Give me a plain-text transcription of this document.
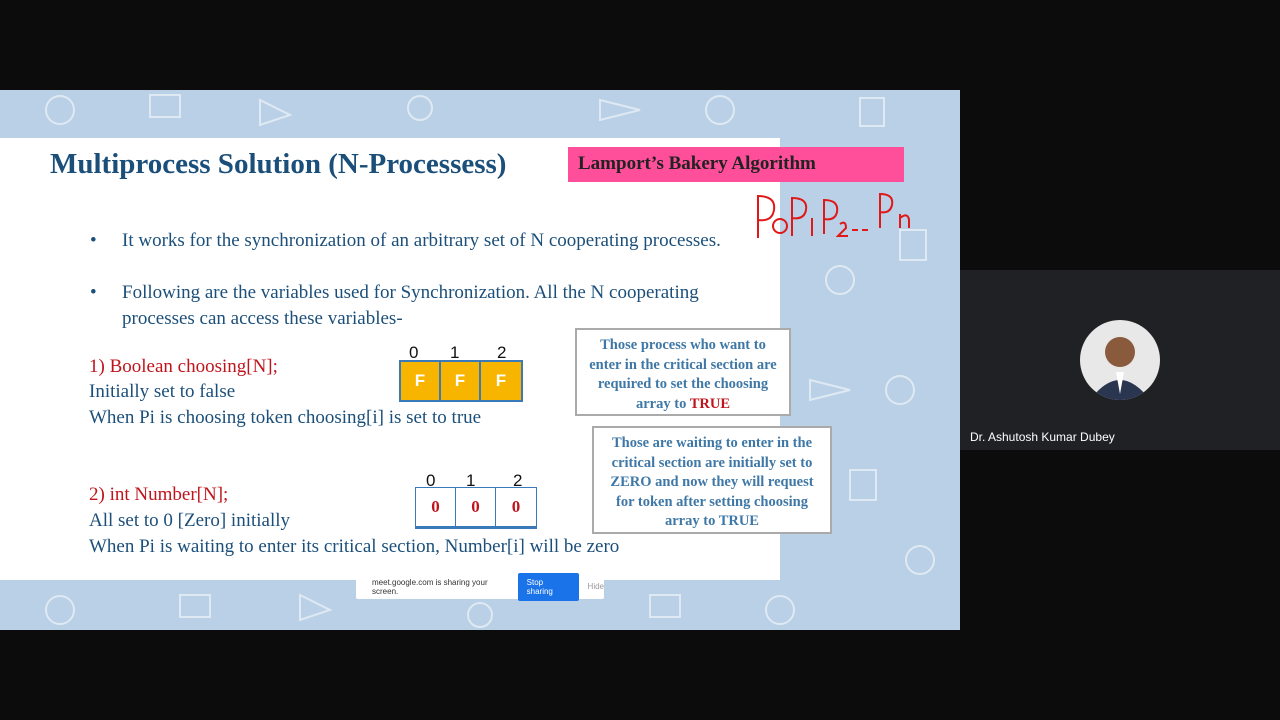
Multiprocess Solution (N-Processess)	Lamport’s Bakery Algorithm
• It works for the synchronization of an arbitrary set of N cooperating processes.
• Following are the variables used for Synchronization. All the N cooperating processes can access these variables-
1) Boolean choosing[N];
Initially set to false
When Pi is choosing token choosing[i] is set to true
0 1 2
F	F	F
2) int Number[N];
All set to 0 [Zero] initially
When Pi is waiting to enter its critical section, Number[i] will be zero
0 1 2
0	0	0
Those process who want to enter in the critical section are required to set the choosing array to TRUE
Those are waiting to enter in the critical section are initially set to ZERO and now they will request for token after setting choosing array to TRUE
meet.google.com is sharing your screen.
Stop sharing	Hide
Dr. Ashutosh Kumar Dubey
